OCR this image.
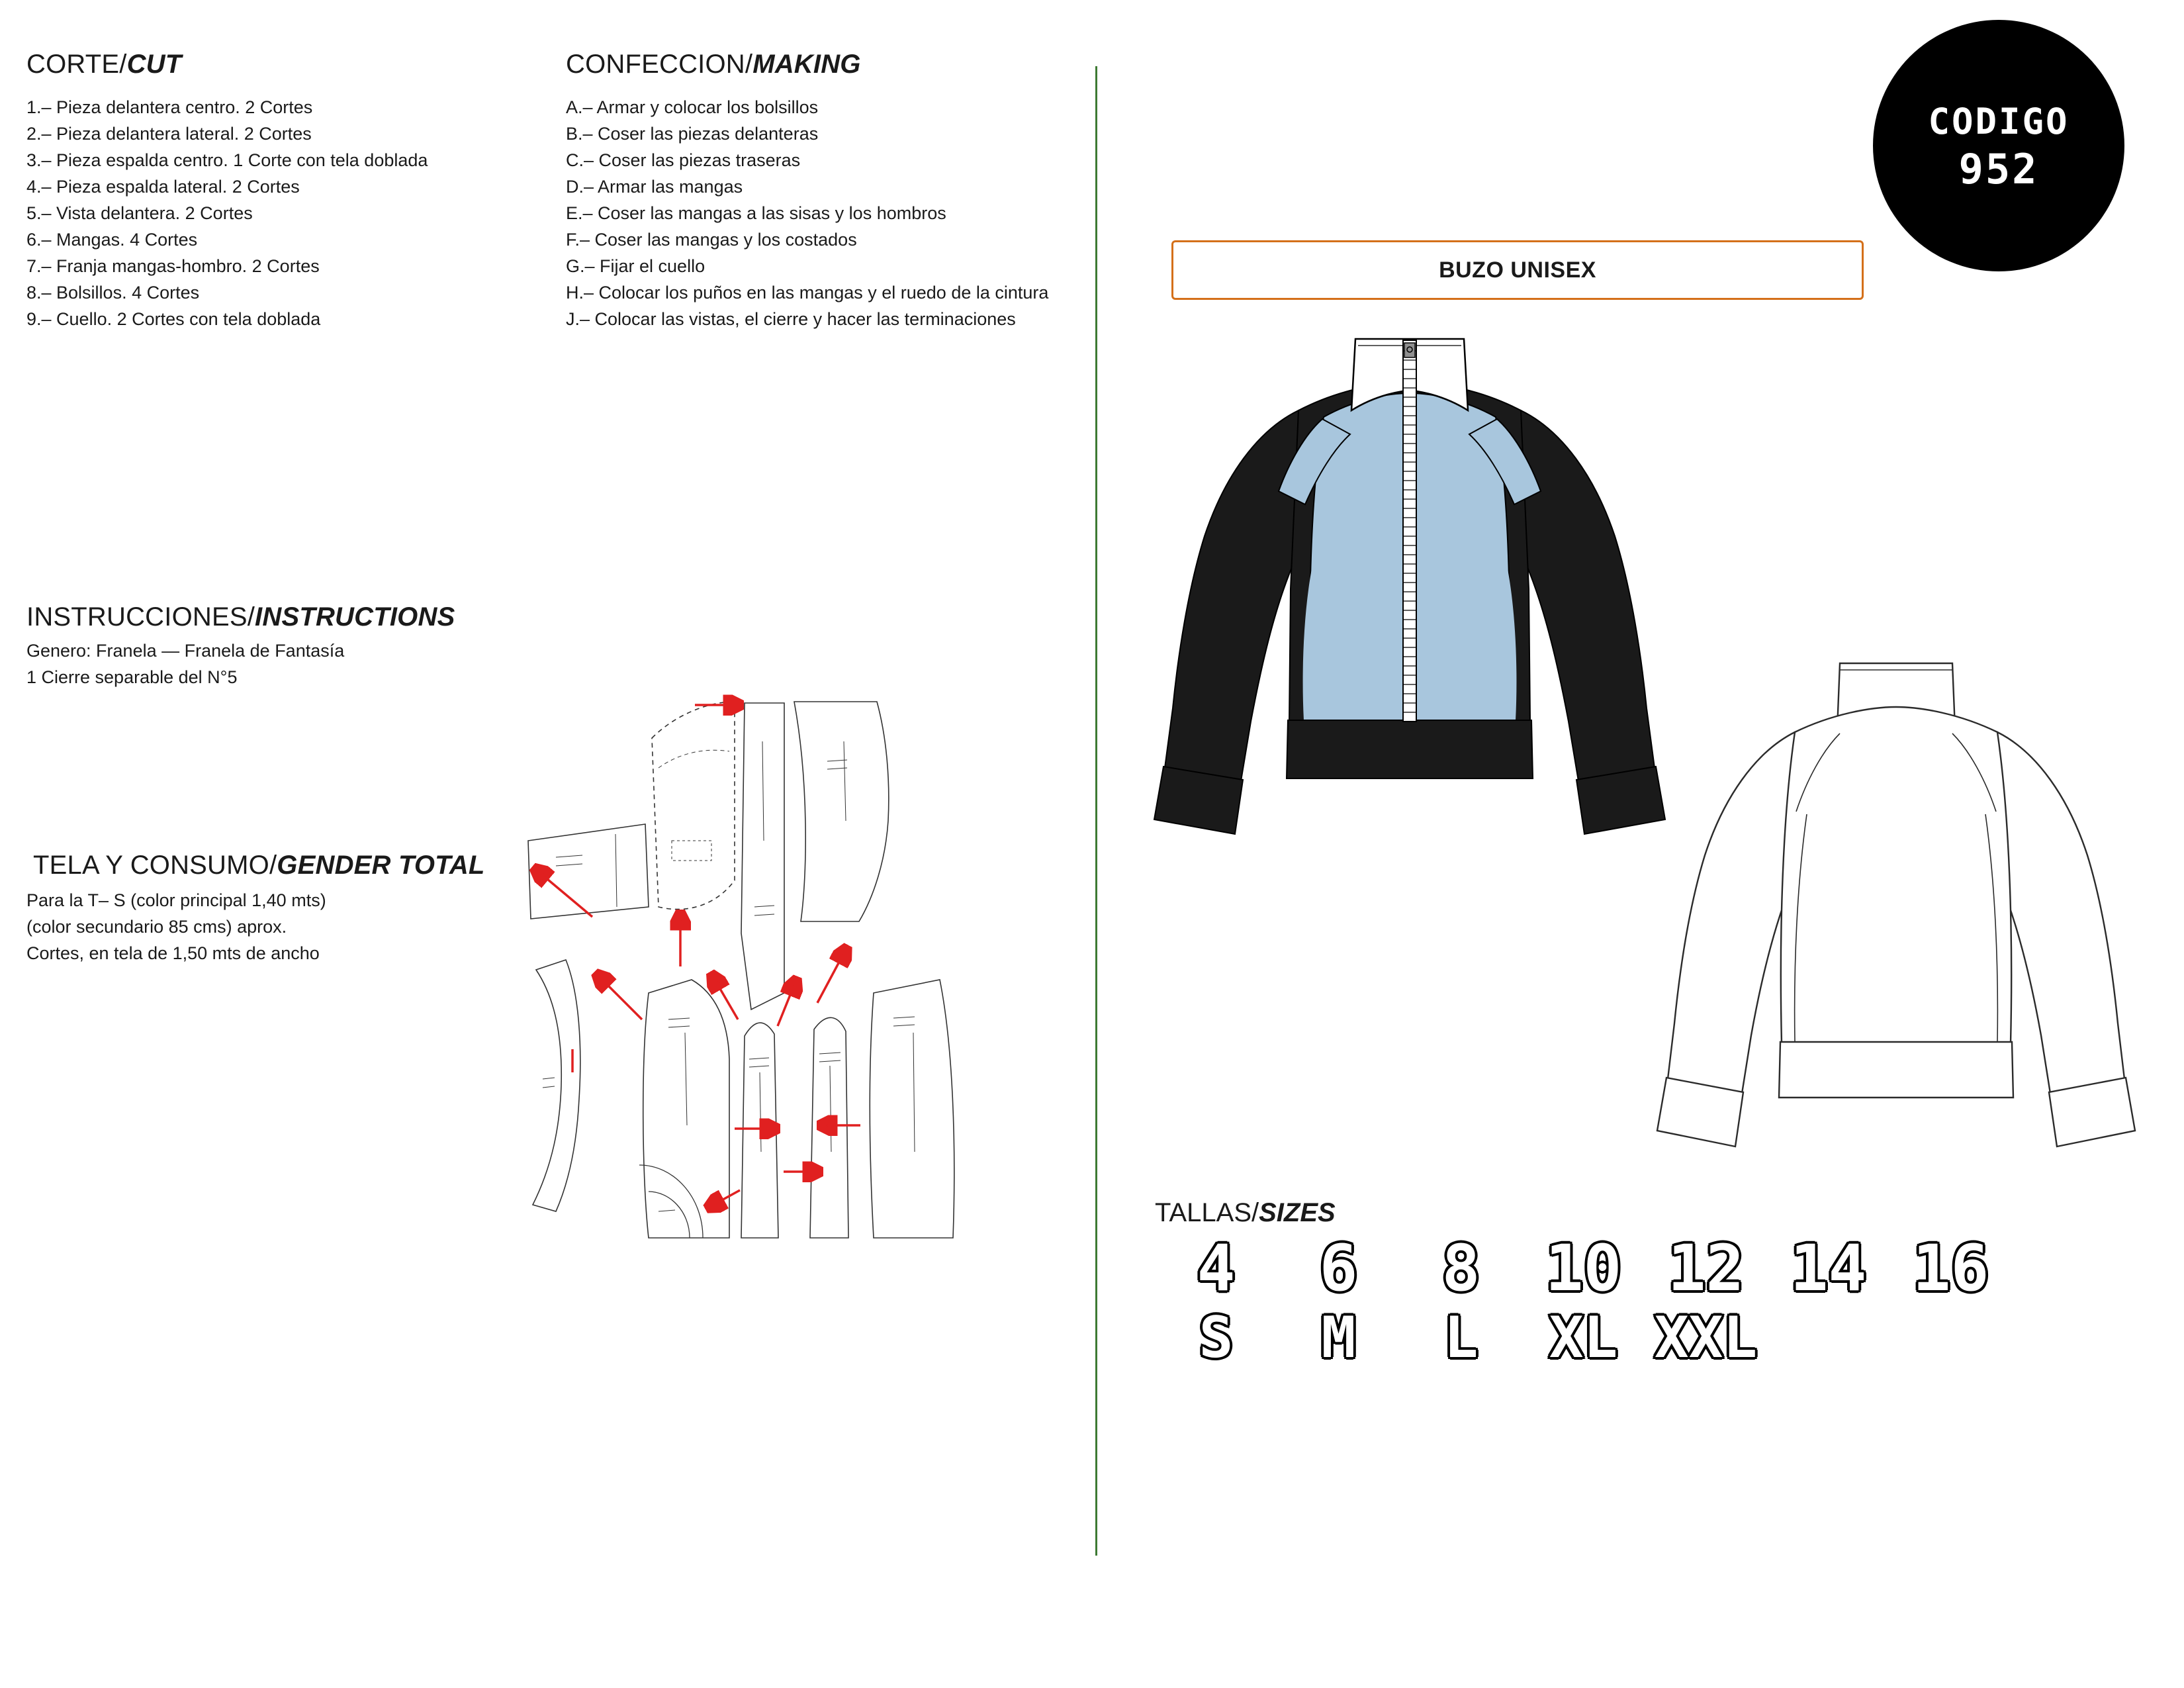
CORTE/CUT
1.– Pieza delantera centro. 2 Cortes
2.– Pieza delantera lateral. 2 Cortes
3.– Pieza espalda centro. 1 Corte con tela doblada
4.– Pieza espalda lateral. 2 Cortes
5.– Vista delantera. 2 Cortes
6.– Mangas. 4 Cortes
7.– Franja mangas-hombro. 2 Cortes
8.– Bolsillos. 4 Cortes
9.– Cuello. 2 Cortes con tela doblada
CONFECCION/MAKING
A.– Armar y colocar los bolsillos
B.– Coser las piezas delanteras
C.– Coser las piezas traseras
D.– Armar las mangas
E.– Coser las mangas a las sisas y los hombros
F.– Coser las mangas y los costados
G.– Fijar el cuello
H.– Colocar los puños en las mangas y el ruedo de la cintura
J.– Colocar las vistas, el cierre y hacer las terminaciones
INSTRUCCIONES/INSTRUCTIONS
Genero: Franela — Franela de Fantasía
1 Cierre separable del N°5
TELA Y CONSUMO/GENDER TOTAL
Para la T– S (color principal 1,40 mts)
(color secundario 85 cms) aprox.
Cortes, en tela de 1,50 mts de ancho
CODIGO
952
BUZO UNISEX
TALLAS/SIZES
4	6	8	10 12 14 16
S	M	L	XL XXL
